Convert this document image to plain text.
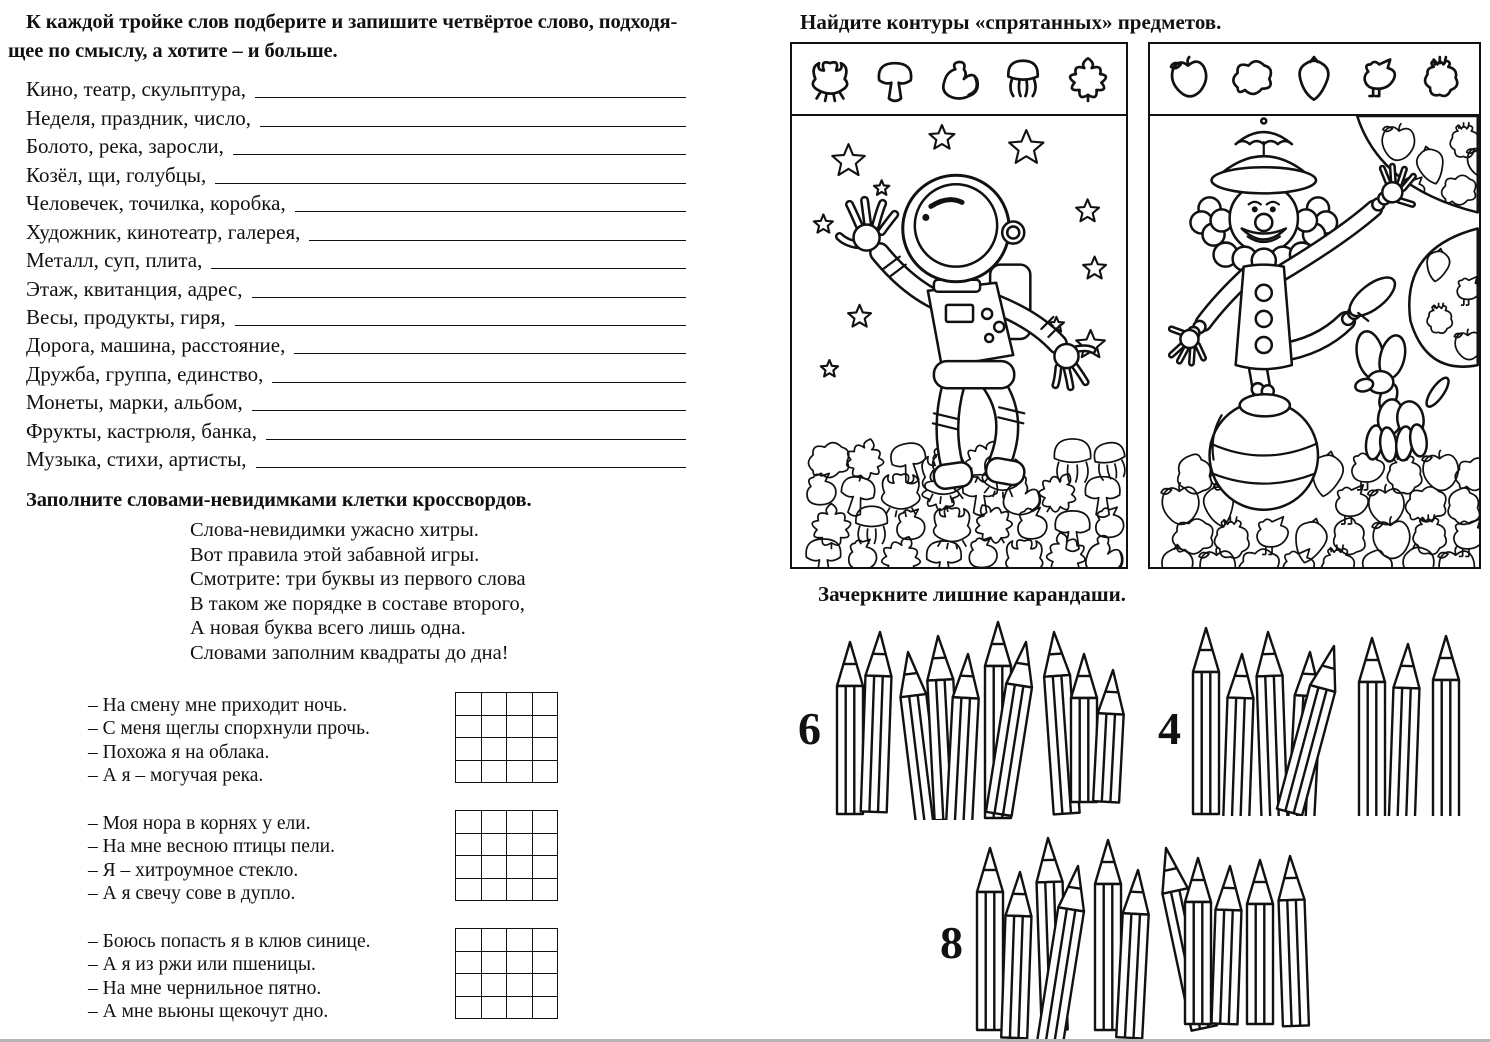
К каждой тройке слов подберите и запишите четвёртое слово, подходя-
щее по смыслу, а хотите – и больше.
Кино, театр, скульптура,
Неделя, праздник, число,
Болото, река, заросли,
Козёл, щи, голубцы,
Человечек, точилка, коробка,
Художник, кинотеатр, галерея,
Металл, суп, плита,
Этаж, квитанция, адрес,
Весы, продукты, гиря,
Дорога, машина, расстояние,
Дружба, группа, единство,
Монеты, марки, альбом,
Фрукты, кастрюля, банка,
Музыка, стихи, артисты,
Заполните словами-невидимками клетки кроссвордов.
Слова-невидимки ужасно хитры.
Вот правила этой забавной игры.
Смотрите: три буквы из первого слова
В таком же порядке в составе второго,
А новая буква всего лишь одна.
Словами заполним квадраты до дна!
– На смену мне приходит ночь.
– С меня щеглы спорхнули прочь.
– Похожа я на облака.
– А я – могучая река.

– Моя нора в корнях у ели.
– На мне весною птицы пели.
– Я – хитроумное стекло.
– А я свечу сове в дупло.

– Боюсь попасть я в клюв синице.
– А я из ржи или пшеницы.
– На мне чернильное пятно.
– А мне вьюны щекочут дно.

Найдите контуры «спрятанных» предметов.
Зачеркните лишние карандаши.
6	4
8
